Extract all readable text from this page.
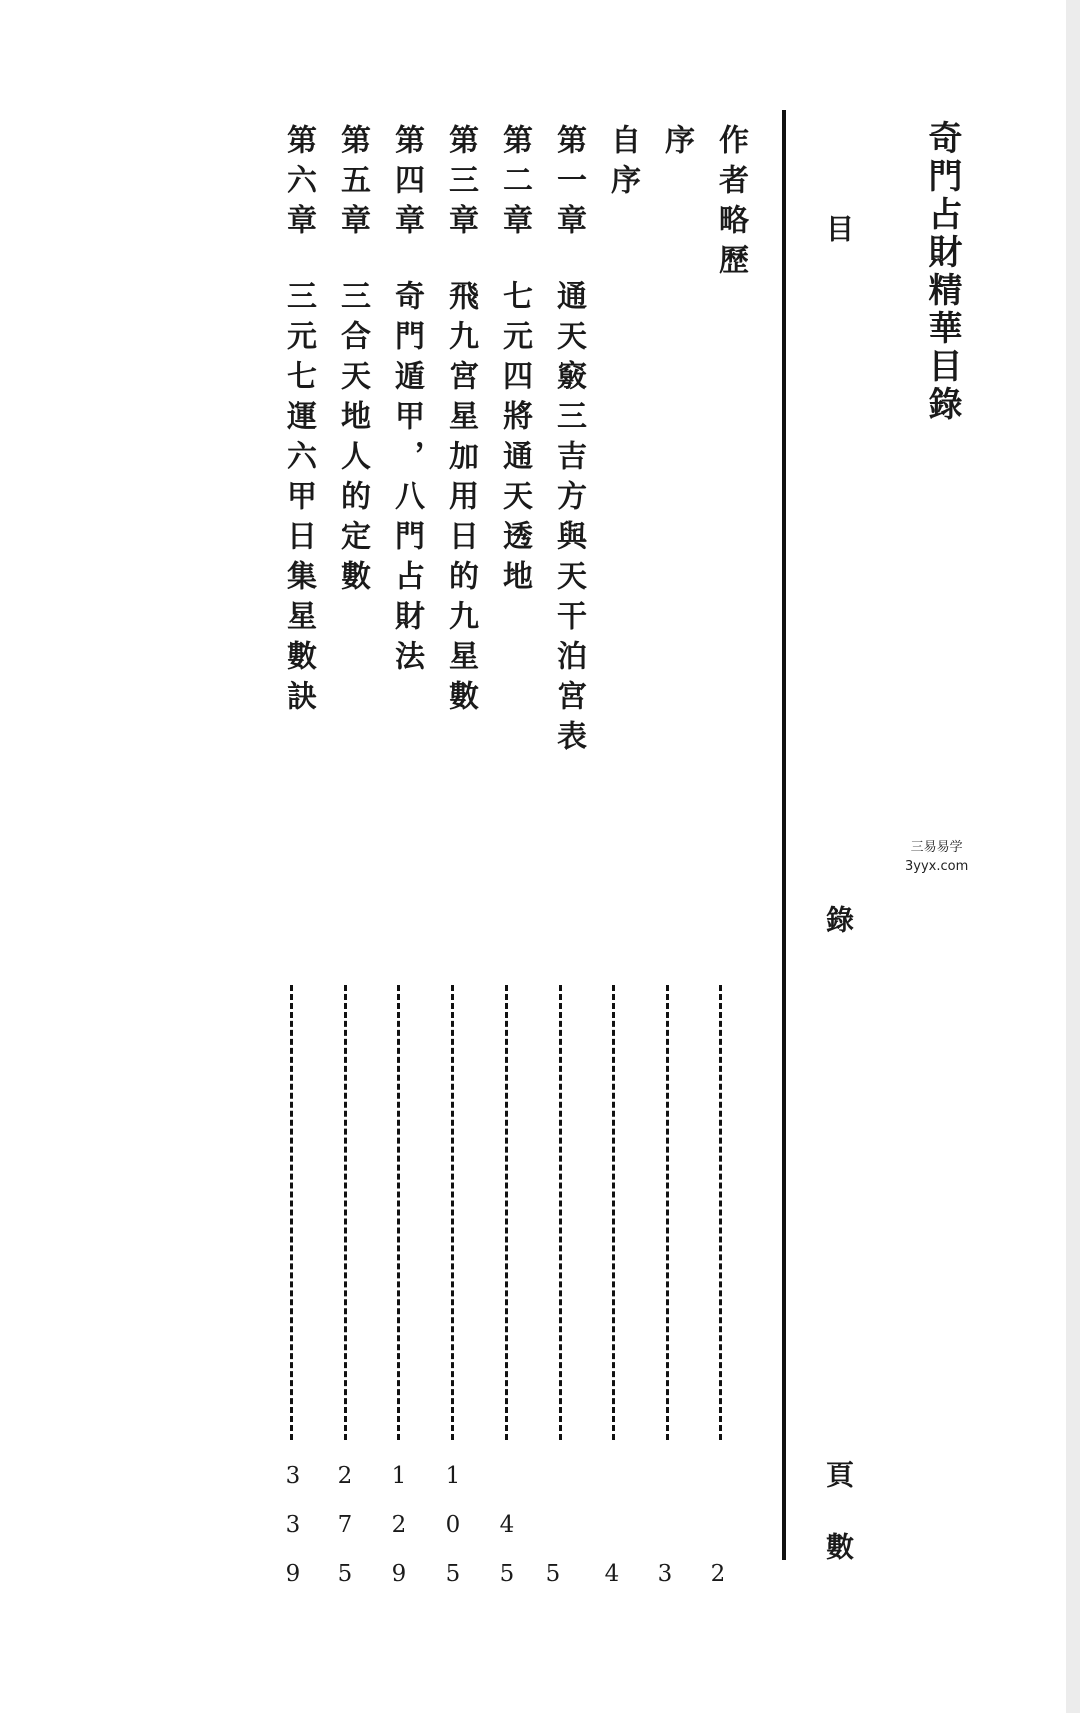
奇門占財精華目錄
目
錄
頁
數
三易易学
3yyx.com
作者略歷
2
序
3
自序
4
第一章
通天竅三吉方與天干泊宮表
5
第二章
七元四將通天透地
4
5
第三章
飛九宮星加用日的九星數
1
0
5
第四章
奇門遁甲，八門占財法
1
2
9
第五章
三合天地人的定數
2
7
5
第六章
三元七運六甲日集星數訣
3
3
9
